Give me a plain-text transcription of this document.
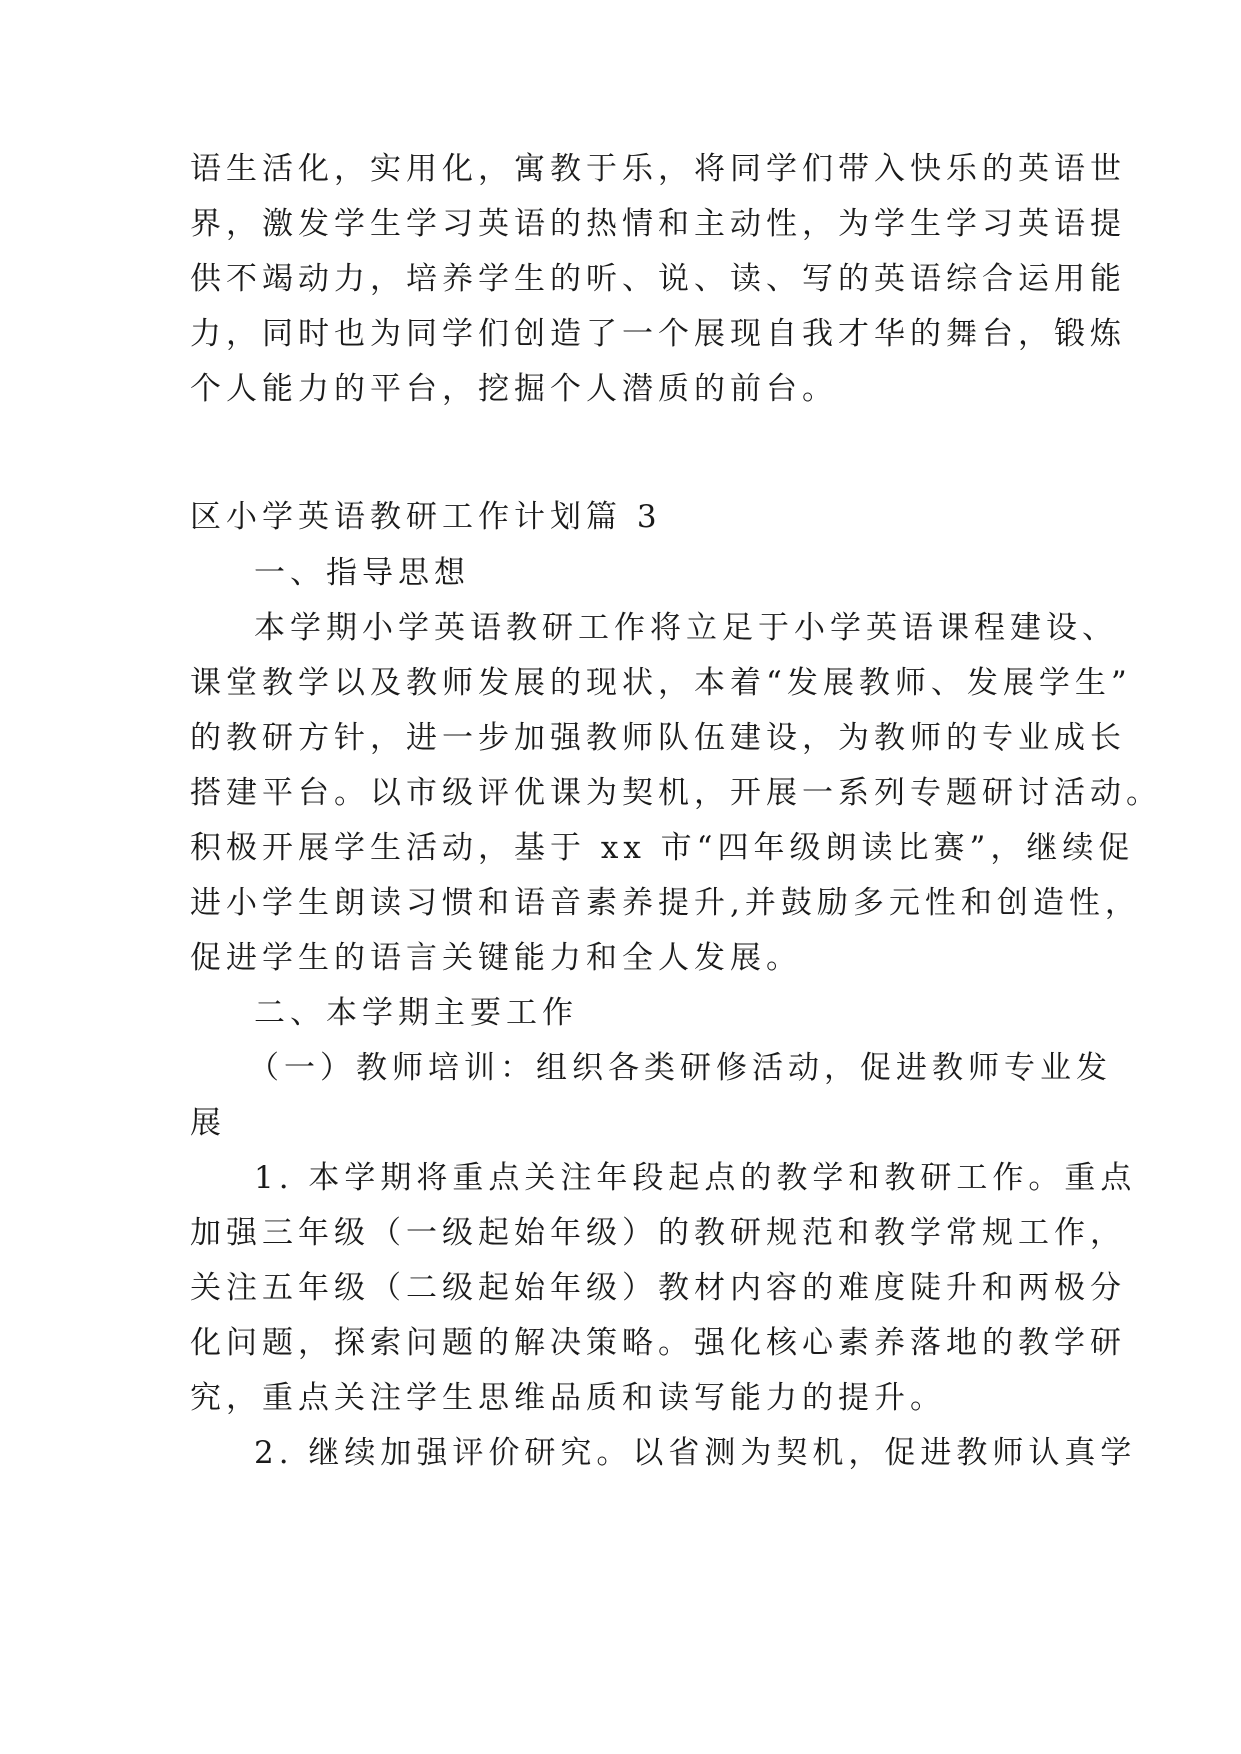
语生活化，实用化，寓教于乐，将同学们带入快乐的英语世
界，激发学生学习英语的热情和主动性，为学生学习英语提
供不竭动力，培养学生的听、说、读、写的英语综合运用能
力，同时也为同学们创造了一个展现自我才华的舞台，锻炼
个人能力的平台，挖掘个人潜质的前台。
区小学英语教研工作计划篇 3
一、指导思想
本学期小学英语教研工作将立足于小学英语课程建设、
课堂教学以及教师发展的现状，本着“发展教师、发展学生”
的教研方针，进一步加强教师队伍建设，为教师的专业成长
搭建平台。以市级评优课为契机，开展一系列专题研讨活动。
积极开展学生活动，基于 xx 市“四年级朗读比赛”，继续促
进小学生朗读习惯和语音素养提升,并鼓励多元性和创造性，
促进学生的语言关键能力和全人发展。
二、本学期主要工作
（一）教师培训：组织各类研修活动，促进教师专业发
展
1. 本学期将重点关注年段起点的教学和教研工作。重点
加强三年级（一级起始年级）的教研规范和教学常规工作，
关注五年级（二级起始年级）教材内容的难度陡升和两极分
化问题，探索问题的解决策略。强化核心素养落地的教学研
究，重点关注学生思维品质和读写能力的提升。
2. 继续加强评价研究。以省测为契机，促进教师认真学
